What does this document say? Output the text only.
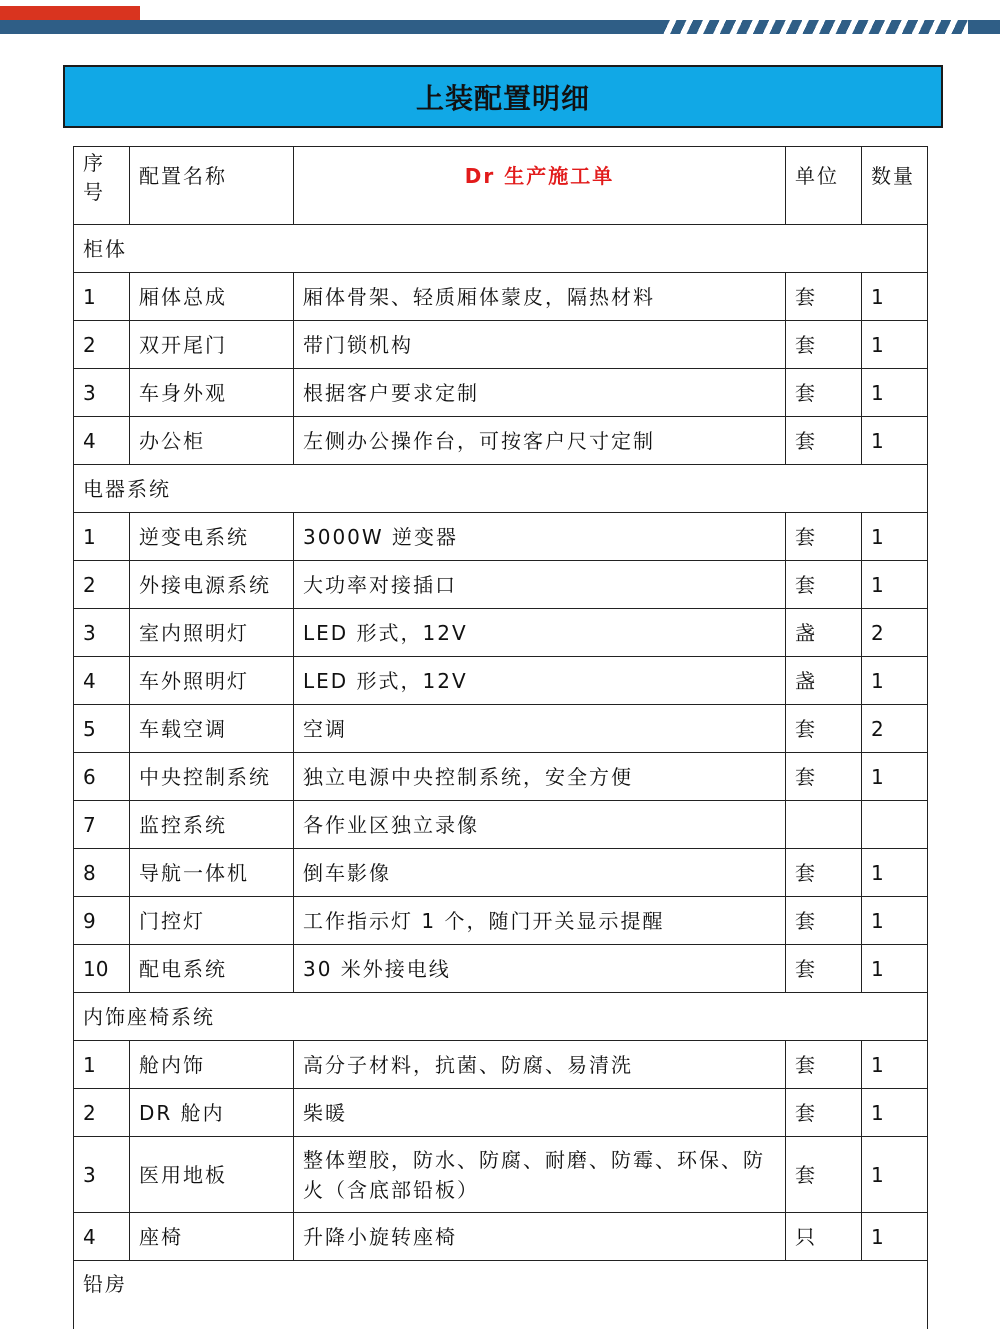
上装配置明细
序号	配置名称	Dr 生产施工单	单位	数量
柜体				
1	厢体总成	厢体骨架、轻质厢体蒙皮，隔热材料	套	1
2	双开尾门	带门锁机构	套	1
3	车身外观	根据客户要求定制	套	1
4	办公柜	左侧办公操作台，可按客户尺寸定制	套	1
电器系统				
1	逆变电系统	3000W 逆变器	套	1
2	外接电源系统	大功率对接插口	套	1
3	室内照明灯	LED 形式，12V	盏	2
4	车外照明灯	LED 形式，12V	盏	1
5	车载空调	空调	套	2
6	中央控制系统	独立电源中央控制系统，安全方便	套	1
7	监控系统	各作业区独立录像		
8	导航一体机	倒车影像	套	1
9	门控灯	工作指示灯 1 个，随门开关显示提醒	套	1
10	配电系统	30 米外接电线	套	1
内饰座椅系统				
1	舱内饰	高分子材料，抗菌、防腐、易清洗	套	1
2	DR 舱内	柴暖	套	1
3	医用地板	整体塑胶，防水、防腐、耐磨、防霉、环保、防火（含底部铅板）	套	1
4	座椅	升降小旋转座椅	只	1
铅房				
